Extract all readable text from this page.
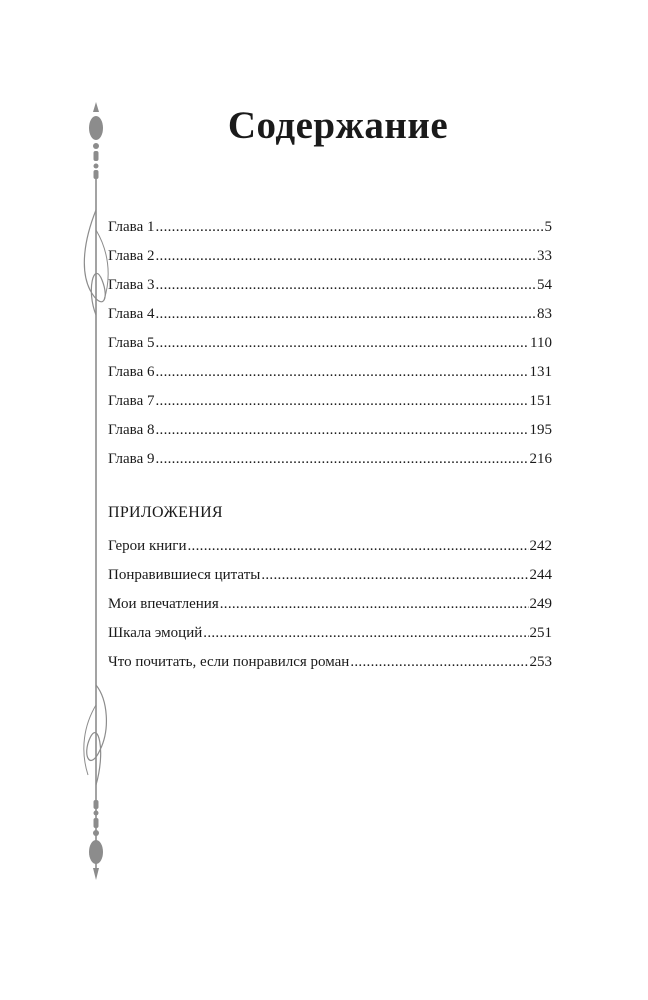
Содержание
Глава 1 .....	5
Глава 2 .....	33
Глава 3 .....	54
Глава 4 .....	83
Глава 5 .....	110
Глава 6 .....	131
Глава 7 .....	151
Глава 8 .....	195
Глава 9 .....	216
ПРИЛОЖЕНИЯ
Герои книги .....	242
Понравившиеся цитаты .....	244
Мои впечатления .....	249
Шкала эмоций .....	251
Что почитать, если понравился роман .....	253
